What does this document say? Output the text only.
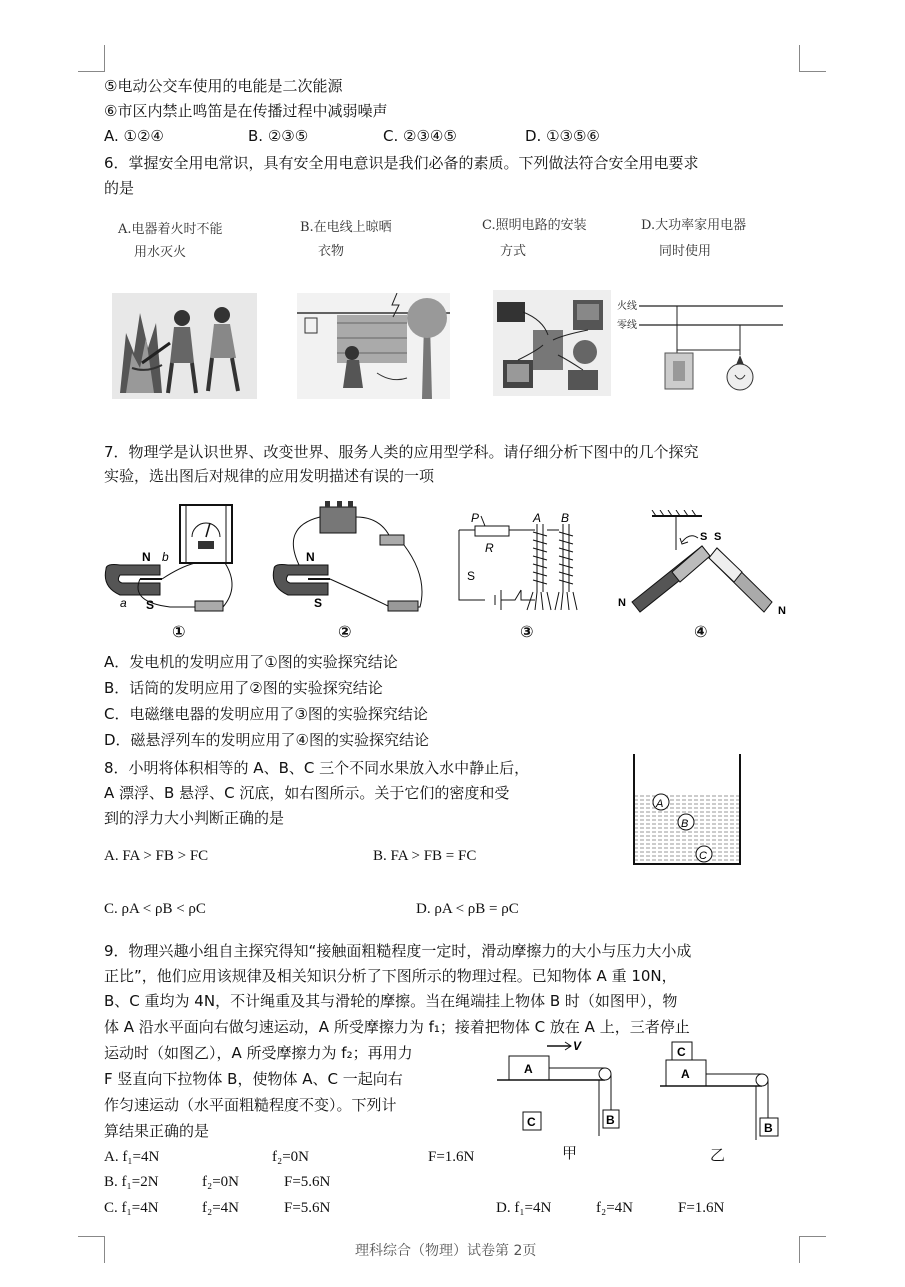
⑤电动公交车使用的电能是二次能源
⑥市区内禁止鸣笛是在传播过程中减弱噪声
A. ①②④	B. ②③⑤	C. ②③④⑤	D. ①③⑤⑥
6．掌握安全用电常识，具有安全用电意识是我们必备的素质。下列做法符合安全用电要求
的是
A.电器着火时不能
用水灭火
B.在电线上晾晒
衣物
C.照明电路的安装
方式
D.大功率家用电器
同时使用
火线
零线
7．物理学是认识世界、改变世界、服务人类的应用型学科。请仔细分析下图中的几个探究
实验，选出图后对规律的应用发明描述有误的一项
N
S
a
b
①
N
S
②
P
R
A B
S
③
S S
N
N
④
A．发电机的发明应用了①图的实验探究结论
B．话筒的发明应用了②图的实验探究结论
C．电磁继电器的发明应用了③图的实验探究结论
D．磁悬浮列车的发明应用了④图的实验探究结论
8．小明将体积相等的 A、B、C 三个不同水果放入水中静止后，
A 漂浮、B 悬浮、C 沉底，如右图所示。关于它们的密度和受
到的浮力大小判断正确的是
A
B
C
A. FA > FB > FC	B. FA > FB = FC
C. ρA < ρB < ρC	D. ρA < ρB = ρC
9．物理兴趣小组自主探究得知“接触面粗糙程度一定时，滑动摩擦力的大小与压力大小成
正比”，他们应用该规律及相关知识分析了下图所示的物理过程。已知物体 A 重 10N，
B、C 重均为 4N，不计绳重及其与滑轮的摩擦。当在绳端挂上物体 B 时（如图甲），物
体 A 沿水平面向右做匀速运动，A 所受摩擦力为 f₁；接着把物体 C 放在 A 上，三者停止
运动时（如图乙），A 所受摩擦力为 f₂；再用力
F 竖直向下拉物体 B，使物体 A、C 一起向右
作匀速运动（水平面粗糙程度不变）。下列计
算结果正确的是
V
A
B
C
甲
C
A
B
乙
A. f₁=4N	f₂=0N	F=1.6N
B. f₁=2N	f₂=0N	F=5.6N
C. f₁=4N	f₂=4N	F=5.6N	D. f₁=4N	f₂=4N	F=1.6N
理科综合（物理）试卷第 2页
